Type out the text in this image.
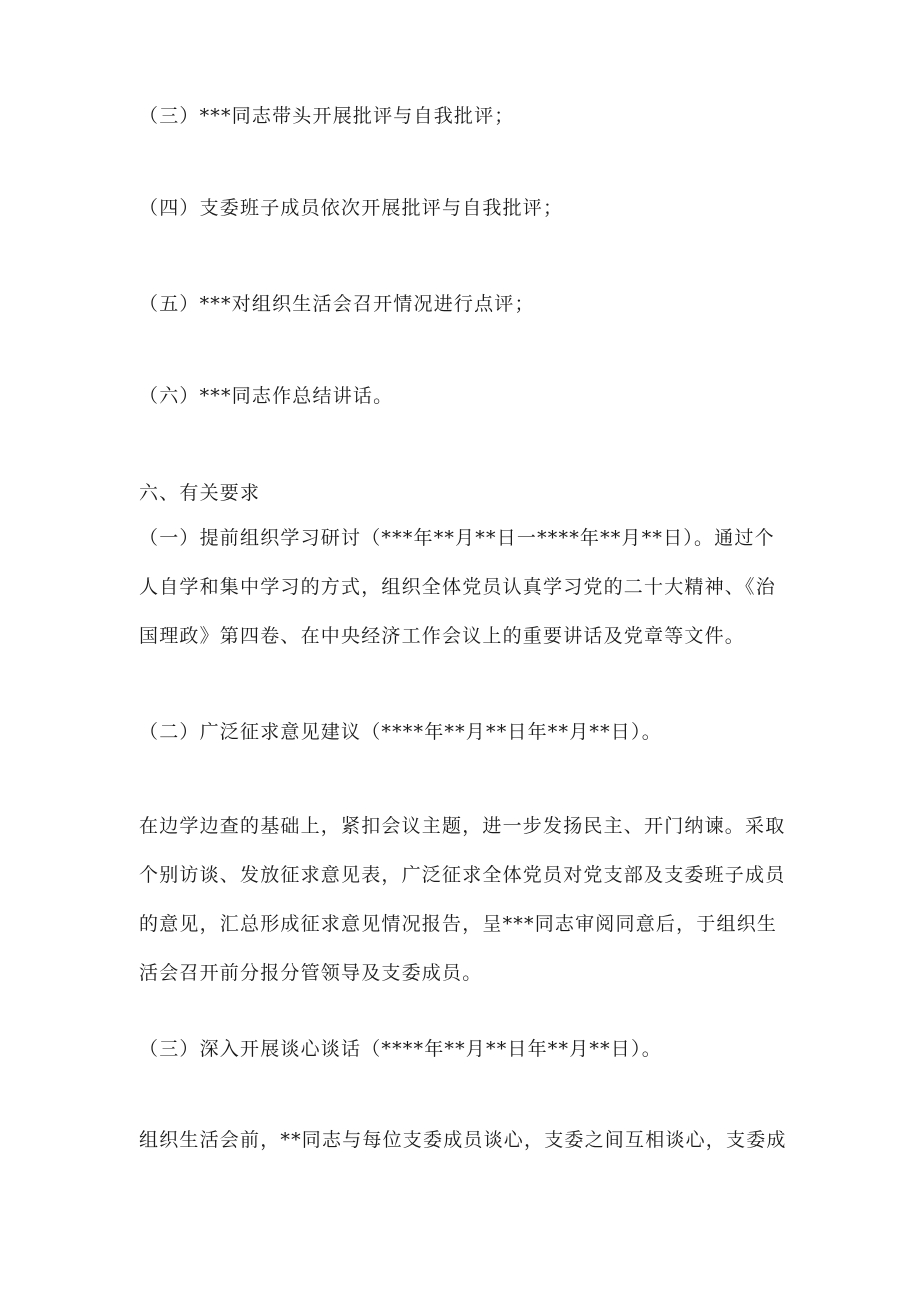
（三）***同志带头开展批评与自我批评；
（四）支委班子成员依次开展批评与自我批评；
（五）***对组织生活会召开情况进行点评；
（六）***同志作总结讲话。
六、有关要求
（一）提前组织学习研讨（***年**月**日一****年**月**日）。通过个人自学和集中学习的方式，组织全体党员认真学习党的二十大精神、《治国理政》第四卷、在中央经济工作会议上的重要讲话及党章等文件。
（二）广泛征求意见建议（****年**月**日年**月**日）。
在边学边查的基础上，紧扣会议主题，进一步发扬民主、开门纳谏。采取个别访谈、发放征求意见表，广泛征求全体党员对党支部及支委班子成员的意见，汇总形成征求意见情况报告，呈***同志审阅同意后，于组织生活会召开前分报分管领导及支委成员。
（三）深入开展谈心谈话（****年**月**日年**月**日）。
组织生活会前，**同志与每位支委成员谈心，支委之间互相谈心，支委成
